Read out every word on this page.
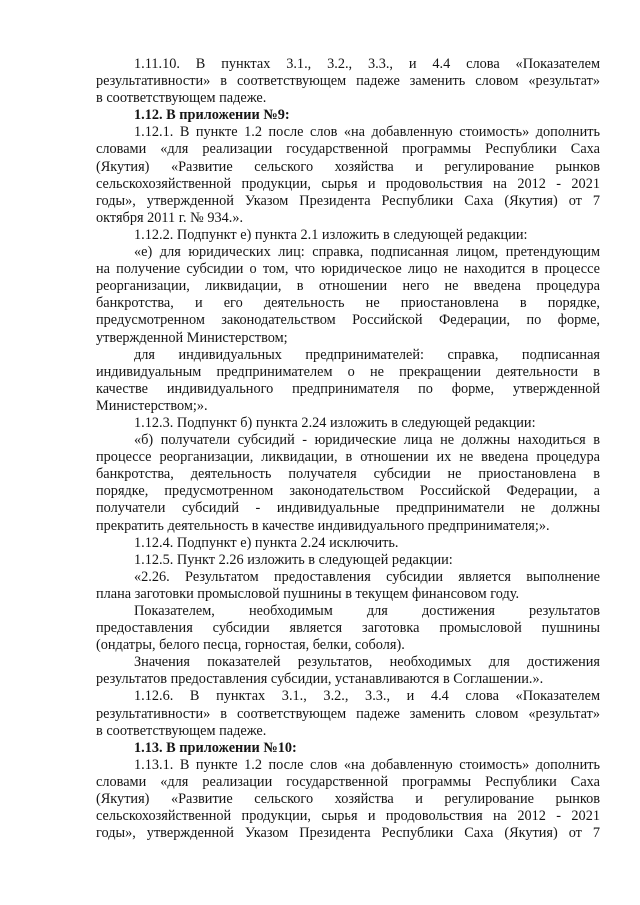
1.11.10. В пунктах 3.1., 3.2., 3.3., и 4.4 слова «Показателем
результативности» в соответствующем падеже заменить словом «результат»
в соответствующем падеже.
1.12. В приложении №9:
1.12.1. В пункте 1.2 после слов «на добавленную стоимость» дополнить
словами «для реализации государственной программы Республики Саха
(Якутия) «Развитие сельского хозяйства и регулирование рынков
сельскохозяйственной продукции, сырья и продовольствия на 2012 - 2021
годы», утвержденной Указом Президента Республики Саха (Якутия) от 7
октября 2011 г. № 934.».
1.12.2. Подпункт е) пункта 2.1 изложить в следующей редакции:
«е) для юридических лиц: справка, подписанная лицом, претендующим
на получение субсидии о том, что юридическое лицо не находится в процессе
реорганизации, ликвидации, в отношении него не введена процедура
банкротства, и его деятельность не приостановлена в порядке,
предусмотренном законодательством Российской Федерации, по форме,
утвержденной Министерством;
для индивидуальных предпринимателей: справка, подписанная
индивидуальным предпринимателем о не прекращении деятельности в
качестве индивидуального предпринимателя по форме, утвержденной
Министерством;».
1.12.3. Подпункт б) пункта 2.24 изложить в следующей редакции:
«б) получатели субсидий - юридические лица не должны находиться в
процессе реорганизации, ликвидации, в отношении их не введена процедура
банкротства, деятельность получателя субсидии не приостановлена в
порядке, предусмотренном законодательством Российской Федерации, а
получатели субсидий - индивидуальные предприниматели не должны
прекратить деятельность в качестве индивидуального предпринимателя;».
1.12.4. Подпункт е) пункта 2.24 исключить.
1.12.5. Пункт 2.26 изложить в следующей редакции:
«2.26. Результатом предоставления субсидии является выполнение
плана заготовки промысловой пушнины в текущем финансовом году.
Показателем, необходимым для достижения результатов
предоставления субсидии является заготовка промысловой пушнины
(ондатры, белого песца, горностая, белки, соболя).
Значения показателей результатов, необходимых для достижения
результатов предоставления субсидии, устанавливаются в Соглашении.».
1.12.6. В пунктах 3.1., 3.2., 3.3., и 4.4 слова «Показателем
результативности» в соответствующем падеже заменить словом «результат»
в соответствующем падеже.
1.13. В приложении №10:
1.13.1. В пункте 1.2 после слов «на добавленную стоимость» дополнить
словами «для реализации государственной программы Республики Саха
(Якутия) «Развитие сельского хозяйства и регулирование рынков
сельскохозяйственной продукции, сырья и продовольствия на 2012 - 2021
годы», утвержденной Указом Президента Республики Саха (Якутия) от 7
